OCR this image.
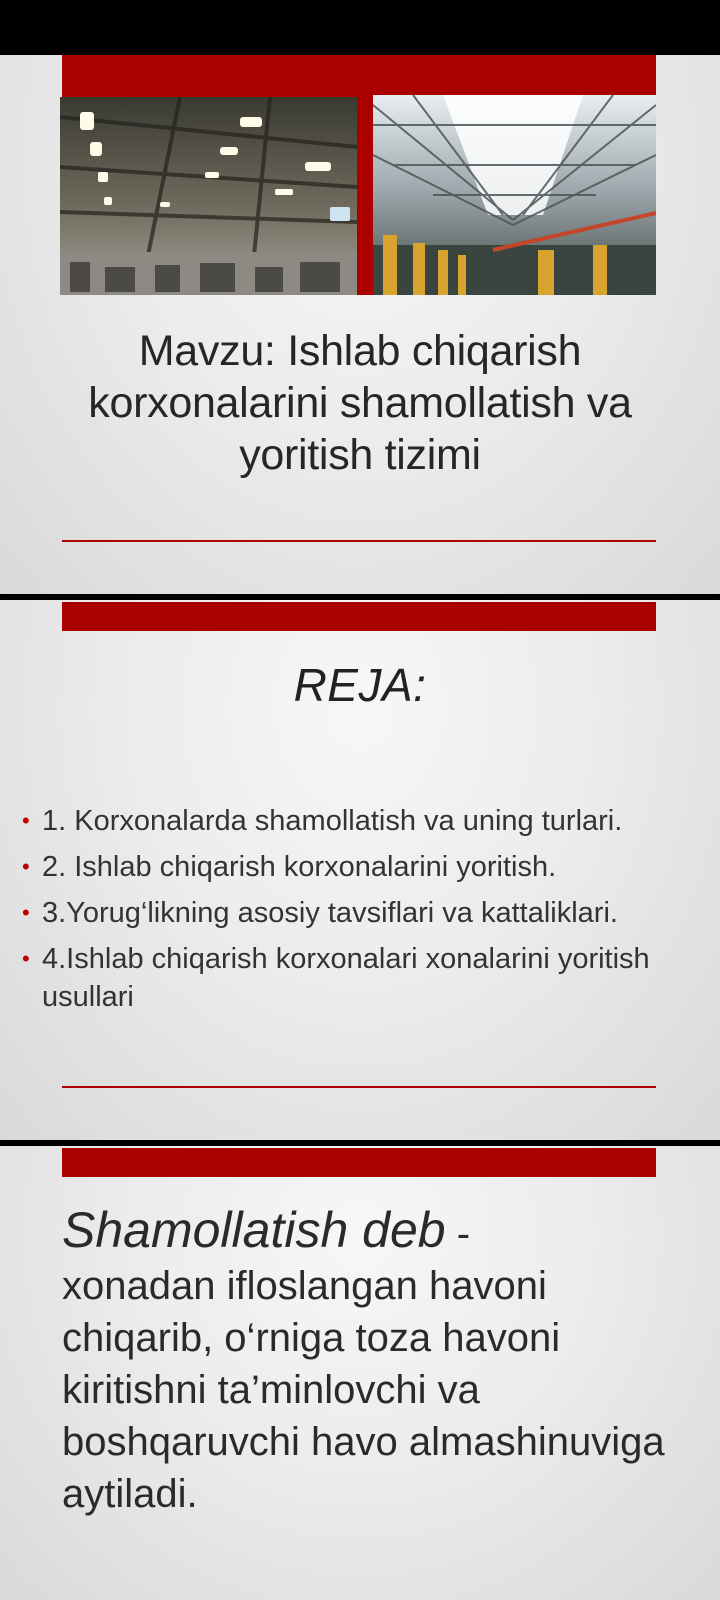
Mavzu: Ishlab chiqarish korxonalarini shamollatish va yoritish tizimi
REJA:
• 1. Korxonalarda shamollatish va uning turlari.
• 2. Ishlab chiqarish korxonalarini yoritish.
• 3.Yorug‘likning asosiy tavsiflari va kattaliklari.
• 4.Ishlab chiqarish korxonalari xonalarini yoritish usullari
Shamollatish deb -
xonadan ifloslangan havoni chiqarib, o‘rniga toza havoni kiritishni ta’minlovchi va boshqaruvchi havo almashinuviga aytiladi.
